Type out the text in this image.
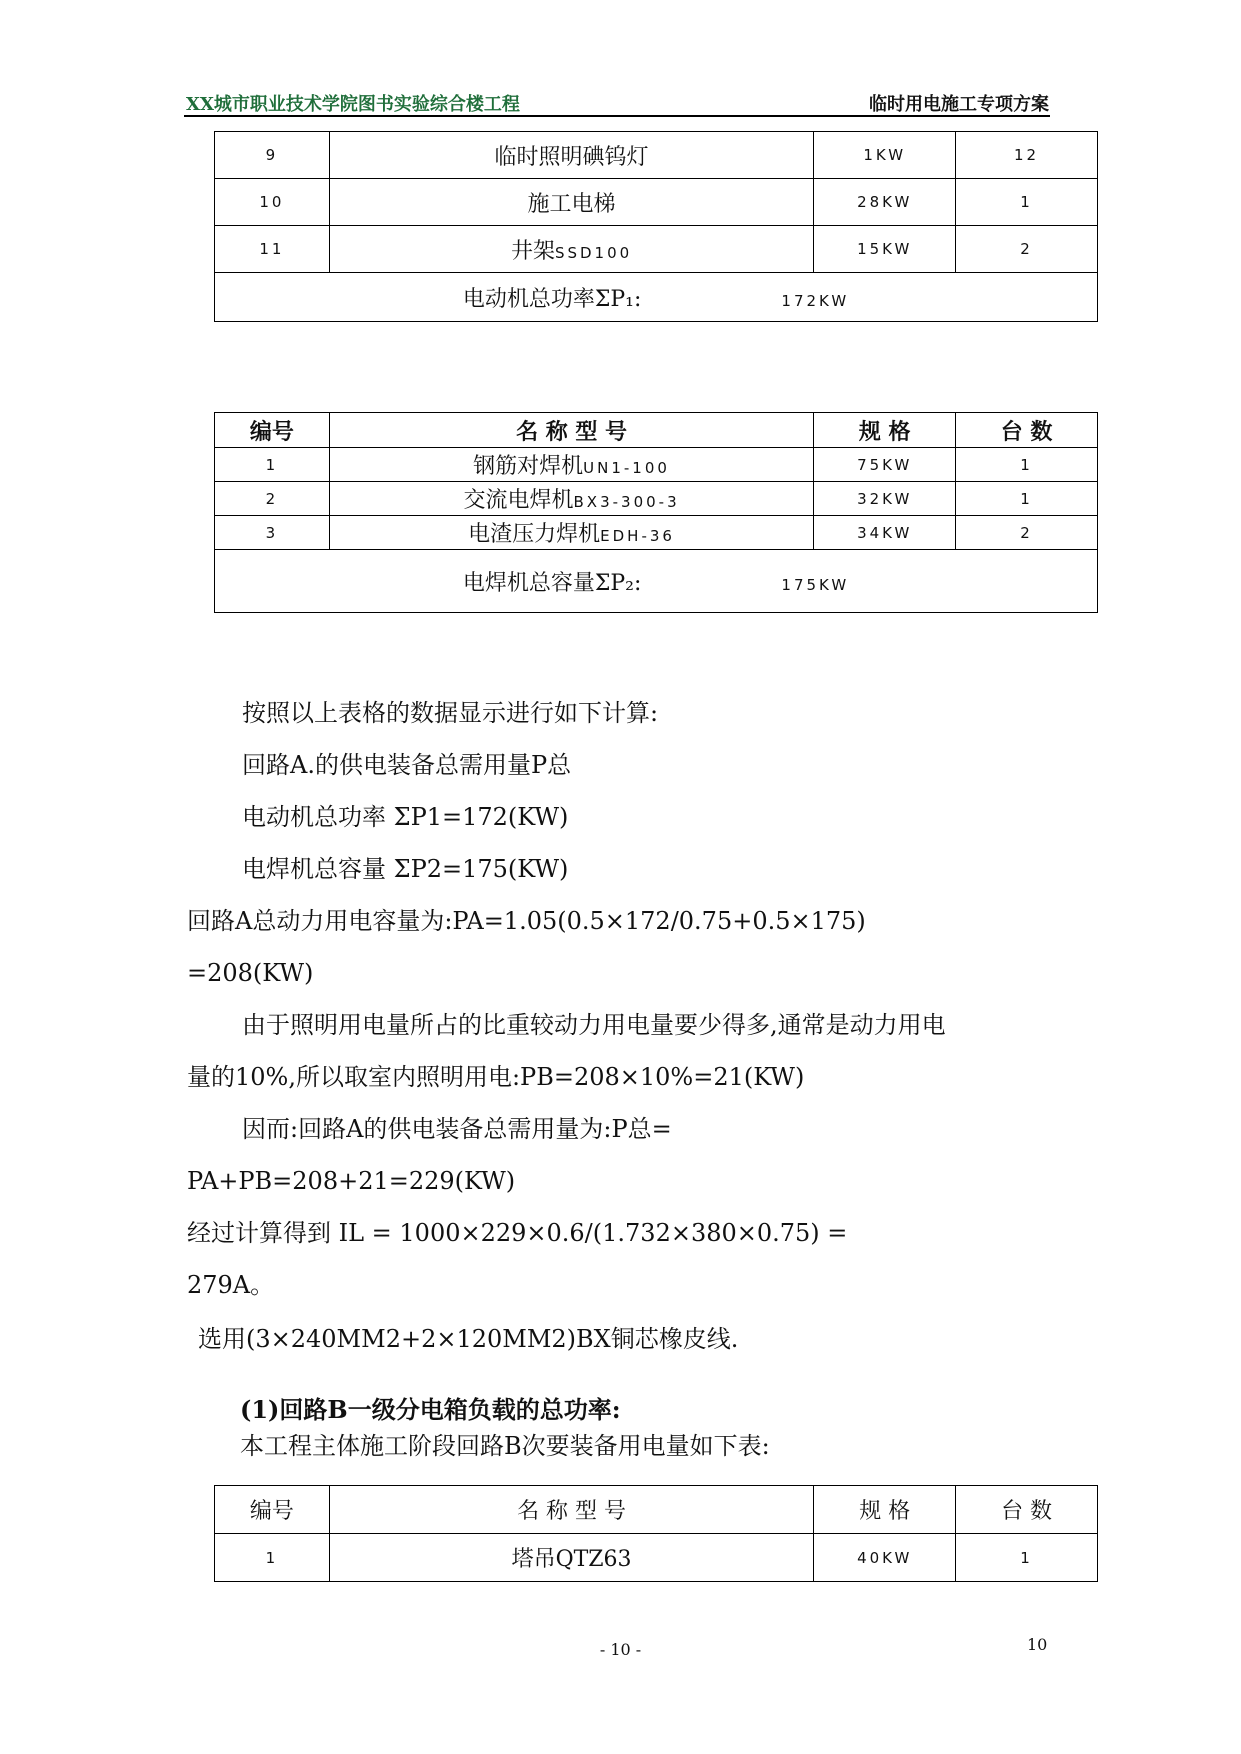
XX城市职业技术学院图书实验综合楼工程	临时用电施工专项方案
9	临时照明碘钨灯	1KW	12
10	施工电梯	28KW	1
11	井架SSD100	15KW	2
电动机总功率ΣP₁: 172KW			
编号	名 称 型 号	规 格	台 数
1	钢筋对焊机UN1-100	75KW	1
2	交流电焊机BX3-300-3	32KW	1
3	电渣压力焊机EDH-36	34KW	2
电焊机总容量ΣP₂: 175KW			
按照以上表格的数据显示进行如下计算:
回路A.的供电装备总需用量P总
电动机总功率 ΣP1=172(KW)
电焊机总容量 ΣP2=175(KW)
回路A总动力用电容量为:PA=1.05(0.5×172/0.75+0.5×175)
=208(KW)
由于照明用电量所占的比重较动力用电量要少得多,通常是动力用电
量的10%,所以取室内照明用电:PB=208×10%=21(KW)
因而:回路A的供电装备总需用量为:P总=
PA+PB=208+21=229(KW)
经过计算得到 IL = 1000×229×0.6/(1.732×380×0.75) =
279A。
选用(3×240MM2+2×120MM2)BX铜芯橡皮线.
(1)回路B一级分电箱负载的总功率:
本工程主体施工阶段回路B次要装备用电量如下表:
编号	名 称 型 号	规 格	台 数
1	塔吊QTZ63	40KW	1
- 10 -	10
